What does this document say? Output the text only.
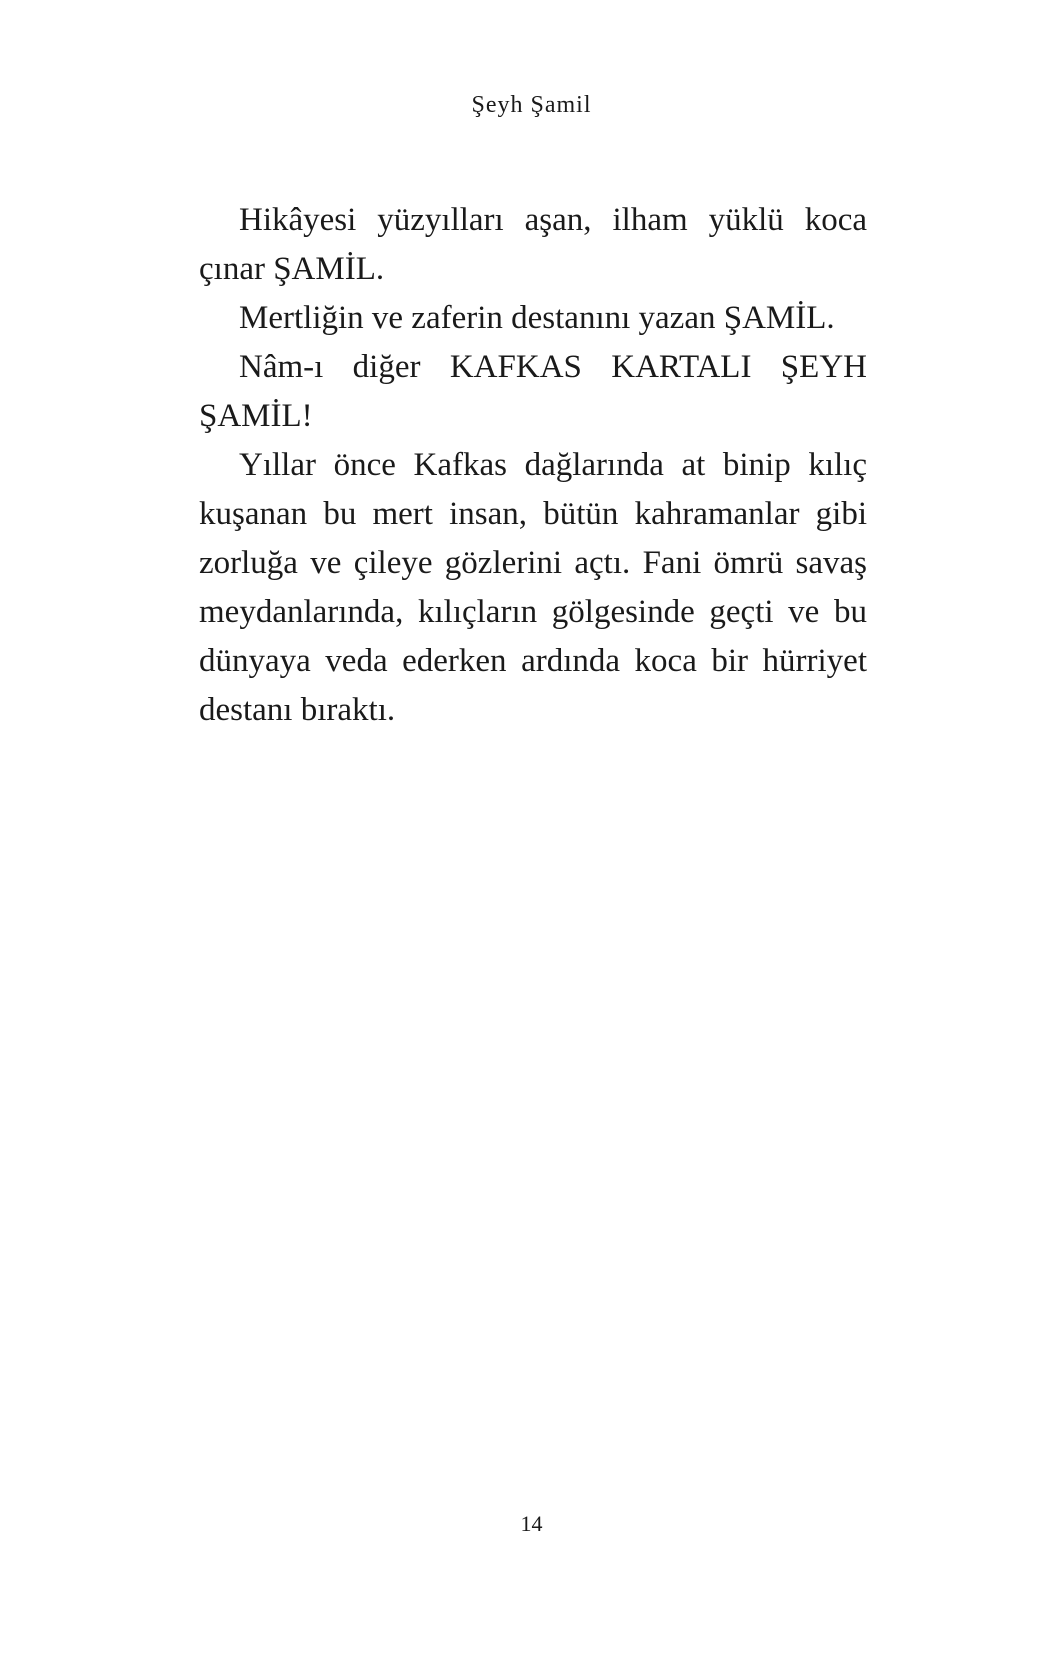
Şeyh Şamil

Hikâyesi yüzyılları aşan, ilham yüklü koca çınar ŞAMİL.

Mertliğin ve zaferin destanını yazan ŞAMİL.

Nâm-ı diğer KAFKAS KARTALI ŞEYH ŞAMİL!

Yıllar önce Kafkas dağlarında at binip kılıç kuşanan bu mert insan, bütün kahramanlar gibi zorluğa ve çileye gözlerini açtı. Fani ömrü savaş meydanlarında, kılıçların gölgesinde geçti ve bu dünyaya veda ederken ardında koca bir hürriyet destanı bıraktı.

14
